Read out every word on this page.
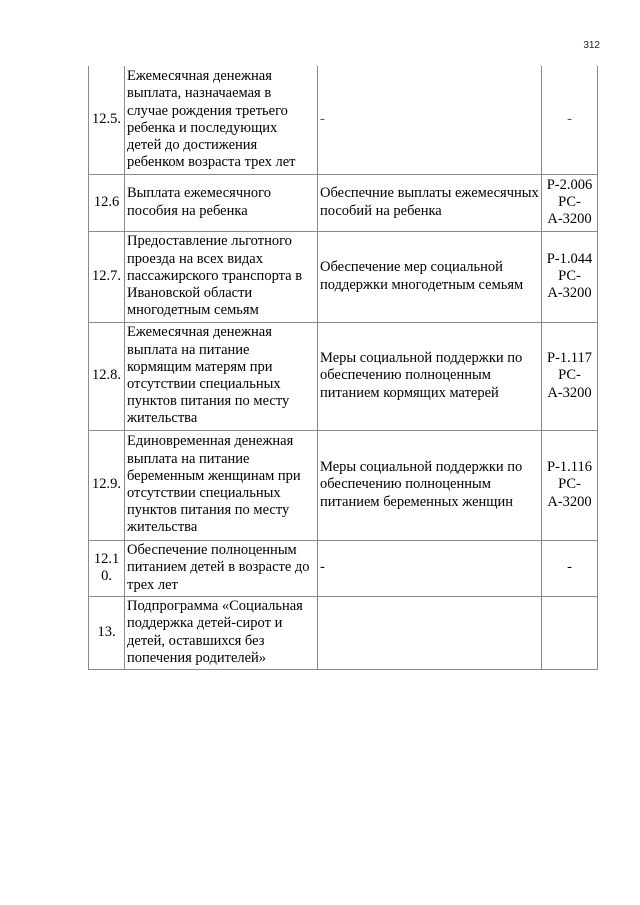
312
12.5.	Ежемесячная денежная выплата, назначаемая в случае рождения третьего ребенка и последующих детей до достижения ребенком возраста трех лет	-	-
12.6	Выплата ежемесячного пособия на ребенка	Обеспечние выплаты ежемесячных пособий на ребенка	Р-2.006 РС-А-3200
12.7.	Предоставление льготного проезда на всех видах пассажирского транспорта в Ивановской области многодетным семьям	Обеспечение мер социальной поддержки многодетным семьям	Р-1.044 РС-А-3200
12.8.	Ежемесячная денежная выплата на питание кормящим матерям при отсутствии специальных пунктов питания по месту жительства	Меры социальной поддержки по обеспечению полноценным питанием кормящих матерей	Р-1.117 РС-А-3200
12.9.	Единовременная денежная выплата на питание беременным женщинам при отсутствии специальных пунктов питания по месту жительства	Меры социальной поддержки по обеспечению полноценным питанием беременных женщин	Р-1.116 РС-А-3200
12.10.	Обеспечение полноценным питанием детей в возрасте до трех лет	-	-
13.	Подпрограмма «Социальная поддержка детей-сирот и детей, оставшихся без попечения родителей»		
